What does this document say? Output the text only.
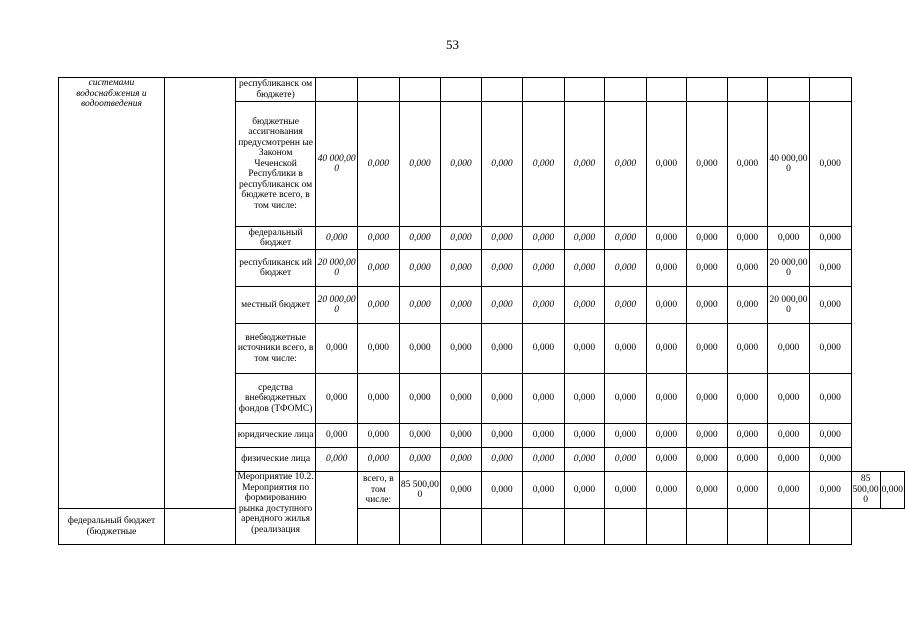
53
системами водоснабжения и водоотведения		республиканск ом бюджете)															
		бюджетные ассигнования предусмотренн ые Законом Чеченской Республики в республиканск ом бюджете всего, в том числе:	40 000,00 0	0,000	0,000	0,000	0,000	0,000	0,000	0,000	0,000	0,000	0,000	40 000,00 0	0,000		
		федеральный бюджет	0,000	0,000	0,000	0,000	0,000	0,000	0,000	0,000	0,000	0,000	0,000	0,000	0,000		
		республиканск ий бюджет	20 000,00 0	0,000	0,000	0,000	0,000	0,000	0,000	0,000	0,000	0,000	0,000	20 000,00 0	0,000		
		местный бюджет	20 000,00 0	0,000	0,000	0,000	0,000	0,000	0,000	0,000	0,000	0,000	0,000	20 000,00 0	0,000		
		внебюджетные источники всего, в том числе:	0,000	0,000	0,000	0,000	0,000	0,000	0,000	0,000	0,000	0,000	0,000	0,000	0,000		
		средства внебюджетных фондов (ТФОМС)	0,000	0,000	0,000	0,000	0,000	0,000	0,000	0,000	0,000	0,000	0,000	0,000	0,000		
		юридические лица	0,000	0,000	0,000	0,000	0,000	0,000	0,000	0,000	0,000	0,000	0,000	0,000	0,000		
		физические лица	0,000	0,000	0,000	0,000	0,000	0,000	0,000	0,000	0,000	0,000	0,000	0,000	0,000		
		Мероприятие 10.2. Мероприятия по формированию рынка доступного арендного жилья (реализация		всего, в том числе:	85 500,00 0	0,000	0,000	0,000	0,000	0,000	0,000	0,000	0,000	0,000	0,000	85 500,00 0	0,000
федеральный бюджет (бюджетные																	
